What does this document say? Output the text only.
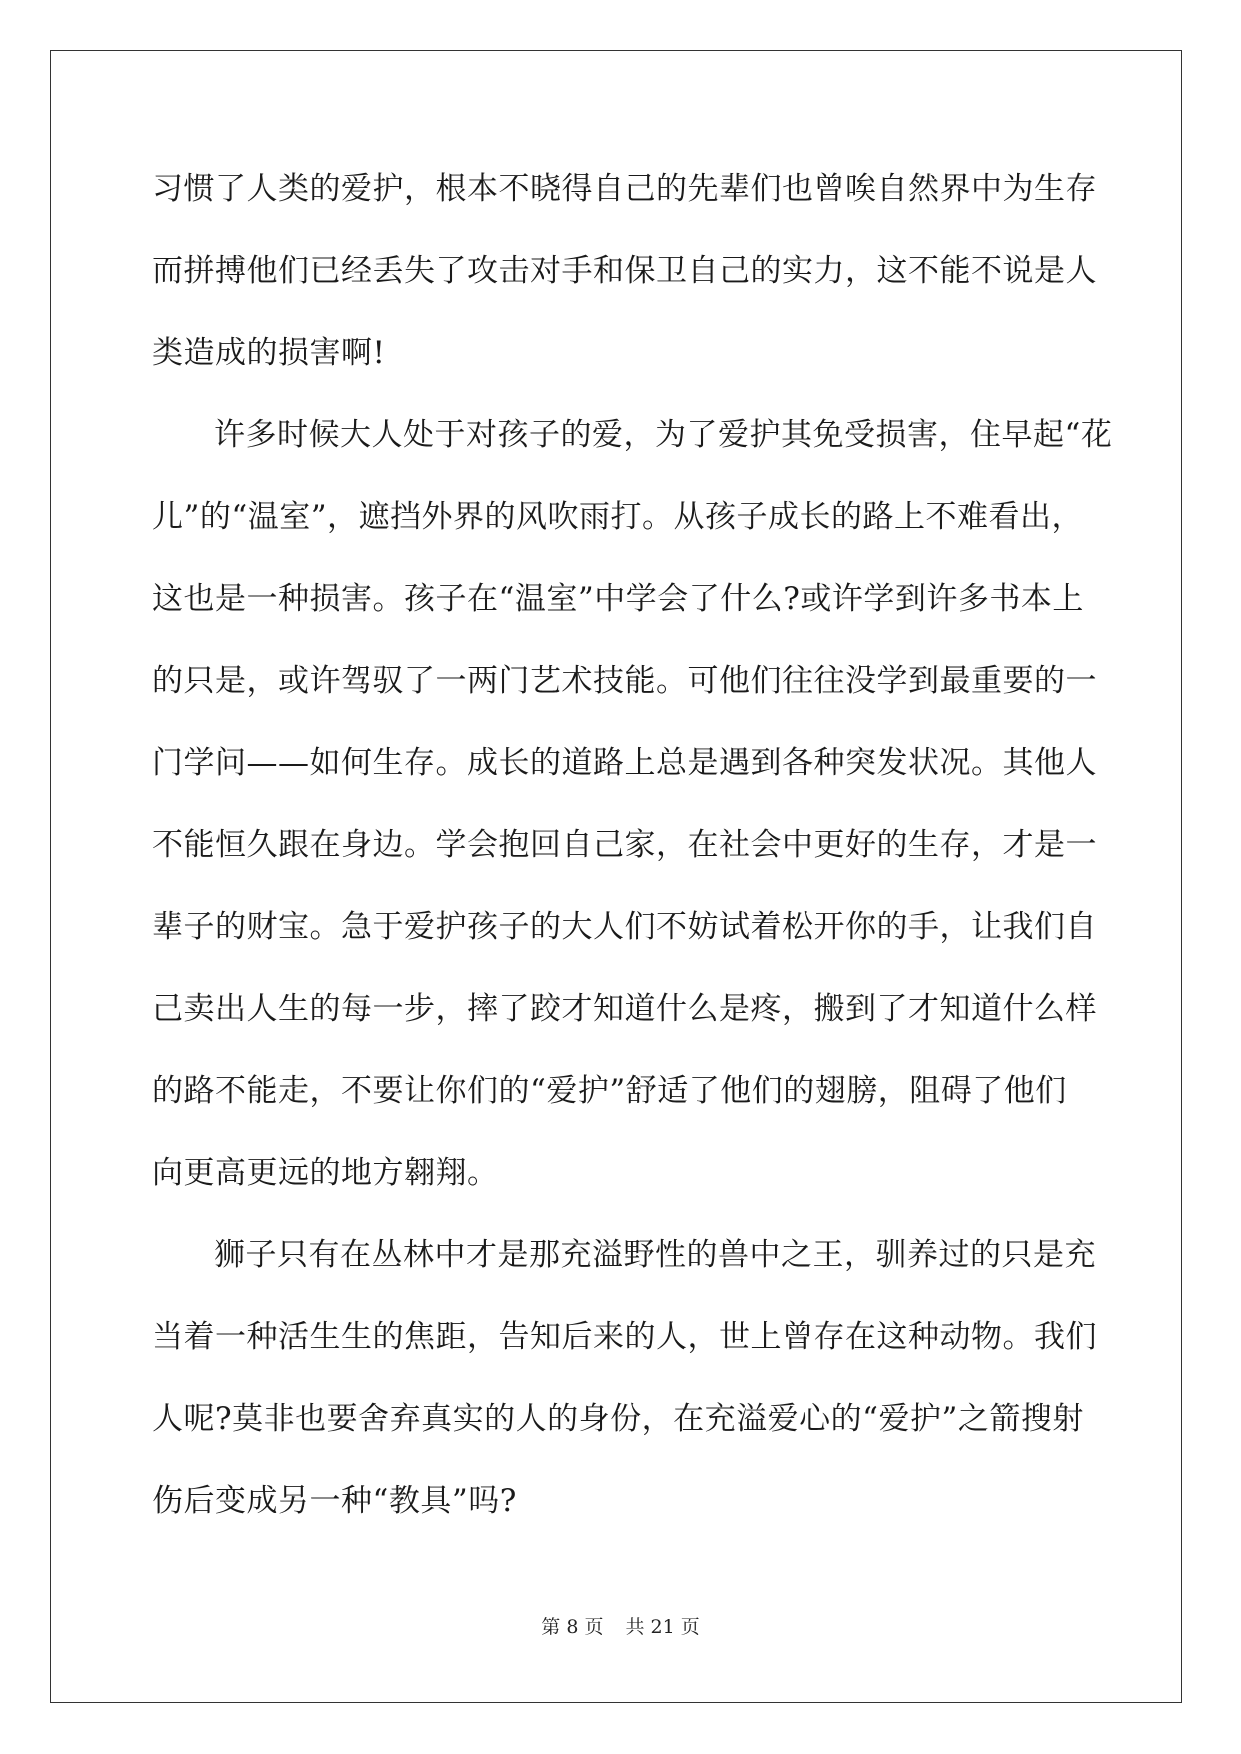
习惯了人类的爱护，根本不晓得自己的先辈们也曾唉自然界中为生存
而拼搏他们已经丢失了攻击对手和保卫自己的实力，这不能不说是人
类造成的损害啊!
许多时候大人处于对孩子的爱，为了爱护其免受损害，住早起“花
儿”的“温室”，遮挡外界的风吹雨打。从孩子成长的路上不难看出，
这也是一种损害。孩子在“温室”中学会了什么?或许学到许多书本上
的只是，或许驾驭了一两门艺术技能。可他们往往没学到最重要的一
门学问——如何生存。成长的道路上总是遇到各种突发状况。其他人
不能恒久跟在身边。学会抱回自己家，在社会中更好的生存，才是一
辈子的财宝。急于爱护孩子的大人们不妨试着松开你的手，让我们自
己卖出人生的每一步，摔了跤才知道什么是疼，搬到了才知道什么样
的路不能走，不要让你们的“爱护”舒适了他们的翅膀，阻碍了他们
向更高更远的地方翱翔。
狮子只有在丛林中才是那充溢野性的兽中之王，驯养过的只是充
当着一种活生生的焦距，告知后来的人，世上曾存在这种动物。我们
人呢?莫非也要舍弃真实的人的身份，在充溢爱心的“爱护”之箭搜射
伤后变成另一种“教具”吗?
第 8 页 共 21 页
